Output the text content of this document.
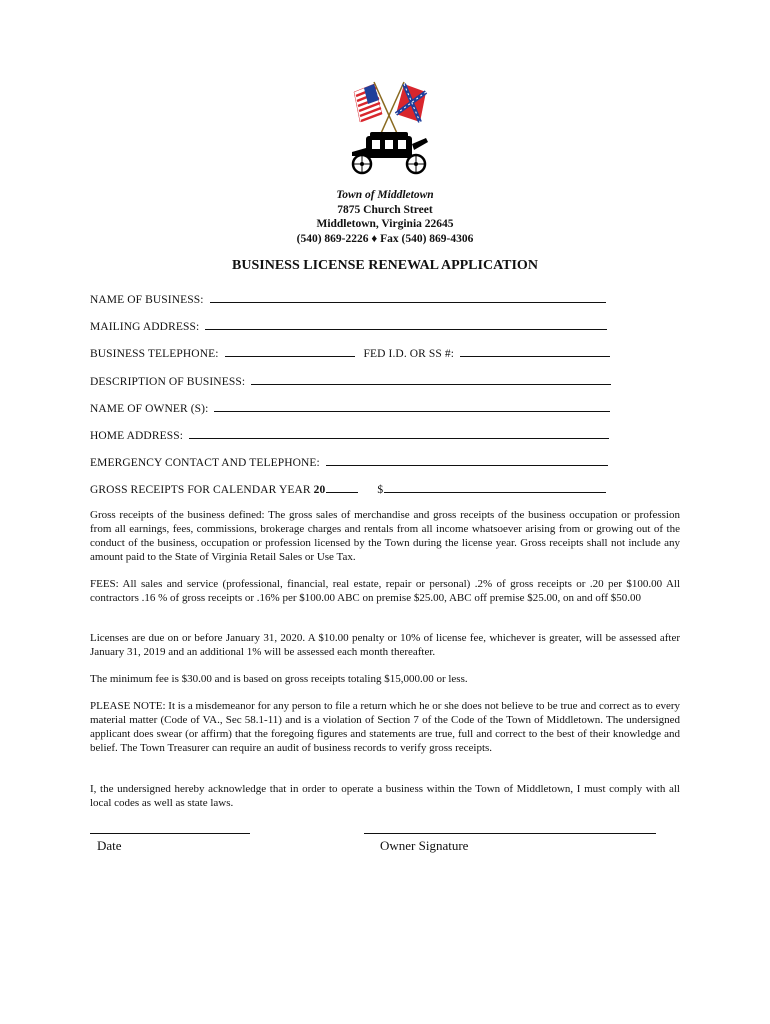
Town of Middletown
7875 Church Street
Middletown, Virginia 22645
(540) 869-2226 ♦ Fax (540) 869-4306
BUSINESS LICENSE RENEWAL APPLICATION
NAME OF BUSINESS:
MAILING ADDRESS:
BUSINESS TELEPHONE:	FED I.D. OR SS #:
DESCRIPTION OF BUSINESS:
NAME OF OWNER (S):
HOME ADDRESS:
EMERGENCY CONTACT AND TELEPHONE:
GROSS RECEIPTS FOR CALENDAR YEAR 20	$
Gross receipts of the business defined: The gross sales of merchandise and gross receipts of the business occupation or profession from all earnings, fees, commissions, brokerage charges and rentals from all income whatsoever arising from or growing out of the conduct of the business, occupation or profession licensed by the Town during the license year. Gross receipts shall not include any amount paid to the State of Virginia Retail Sales or Use Tax.
FEES: All sales and service (professional, financial, real estate, repair or personal) .2% of gross receipts or .20 per $100.00 All contractors .16 % of gross receipts or .16% per $100.00 ABC on premise $25.00, ABC off premise $25.00, on and off $50.00
Licenses are due on or before January 31, 2020. A $10.00 penalty or 10% of license fee, whichever is greater, will be assessed after January 31, 2019 and an additional 1% will be assessed each month thereafter.
The minimum fee is $30.00 and is based on gross receipts totaling $15,000.00 or less.
PLEASE NOTE: It is a misdemeanor for any person to file a return which he or she does not believe to be true and correct as to every material matter (Code of VA., Sec 58.1-11) and is a violation of Section 7 of the Code of the Town of Middletown. The undersigned applicant does swear (or affirm) that the foregoing figures and statements are true, full and correct to the best of their knowledge and belief. The Town Treasurer can require an audit of business records to verify gross receipts.
I, the undersigned hereby acknowledge that in order to operate a business within the Town of Middletown, I must comply with all local codes as well as state laws.
Date	Owner Signature
